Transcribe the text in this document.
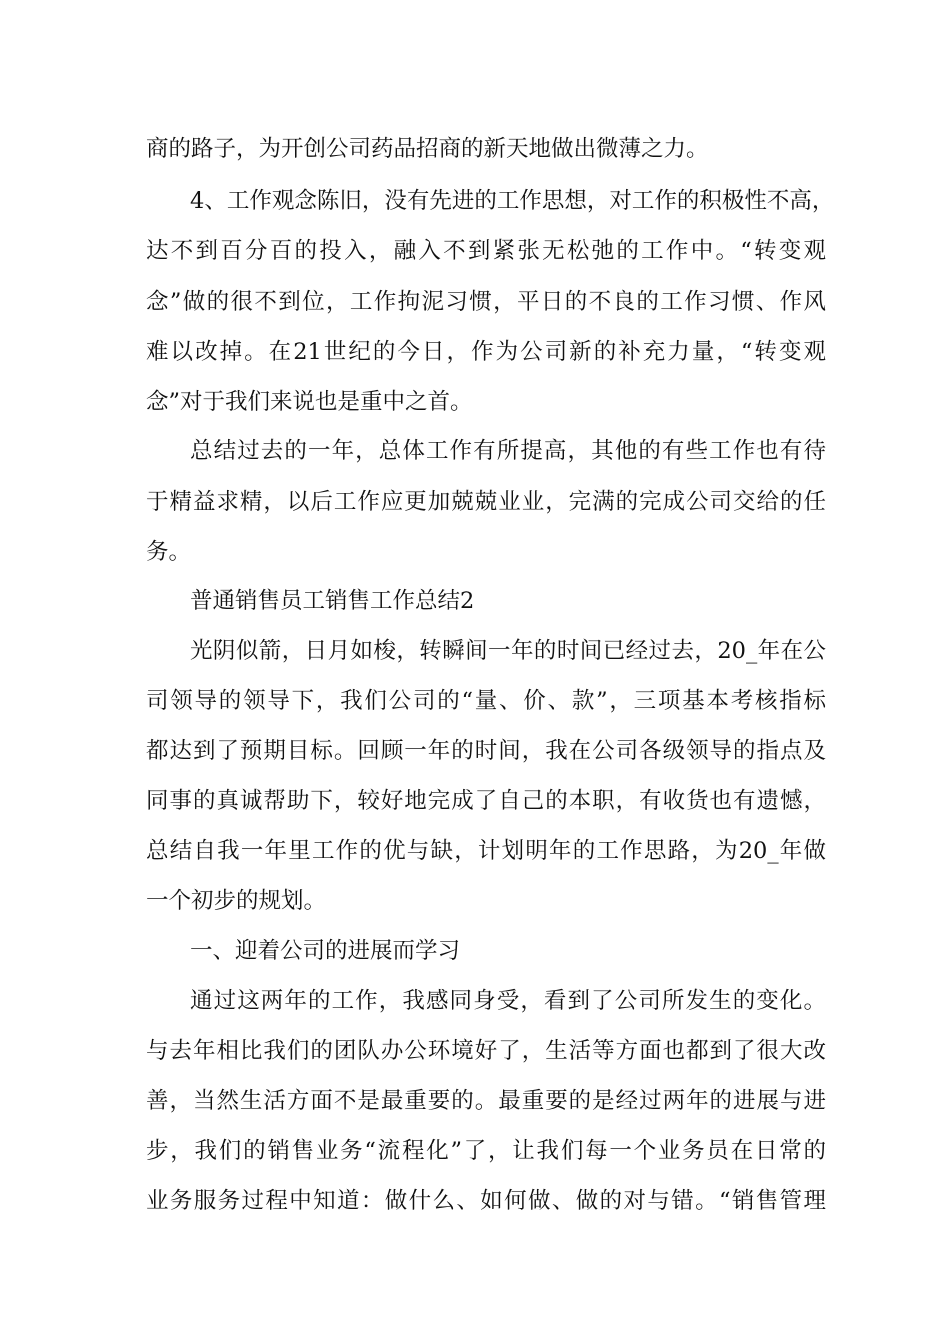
商的路子，为开创公司药品招商的新天地做出微薄之力。
4、工作观念陈旧，没有先进的工作思想，对工作的积极性不高，
达不到百分百的投入，融入不到紧张无松弛的工作中。“转变观
念”做的很不到位，工作拘泥习惯，平日的不良的工作习惯、作风
难以改掉。在21世纪的今日，作为公司新的补充力量，“转变观
念”对于我们来说也是重中之首。
总结过去的一年，总体工作有所提高，其他的有些工作也有待
于精益求精，以后工作应更加兢兢业业，完满的完成公司交给的任
务。
普通销售员工销售工作总结2
光阴似箭，日月如梭，转瞬间一年的时间已经过去，20_年在公
司领导的领导下，我们公司的“量、价、款”，三项基本考核指标
都达到了预期目标。回顾一年的时间，我在公司各级领导的指点及
同事的真诚帮助下，较好地完成了自己的本职，有收货也有遗憾，
总结自我一年里工作的优与缺，计划明年的工作思路，为20_年做
一个初步的规划。
一、迎着公司的进展而学习
通过这两年的工作，我感同身受，看到了公司所发生的变化。
与去年相比我们的团队办公环境好了，生活等方面也都到了很大改
善，当然生活方面不是最重要的。最重要的是经过两年的进展与进
步，我们的销售业务“流程化”了，让我们每一个业务员在日常的
业务服务过程中知道：做什么、如何做、做的对与错。“销售管理
